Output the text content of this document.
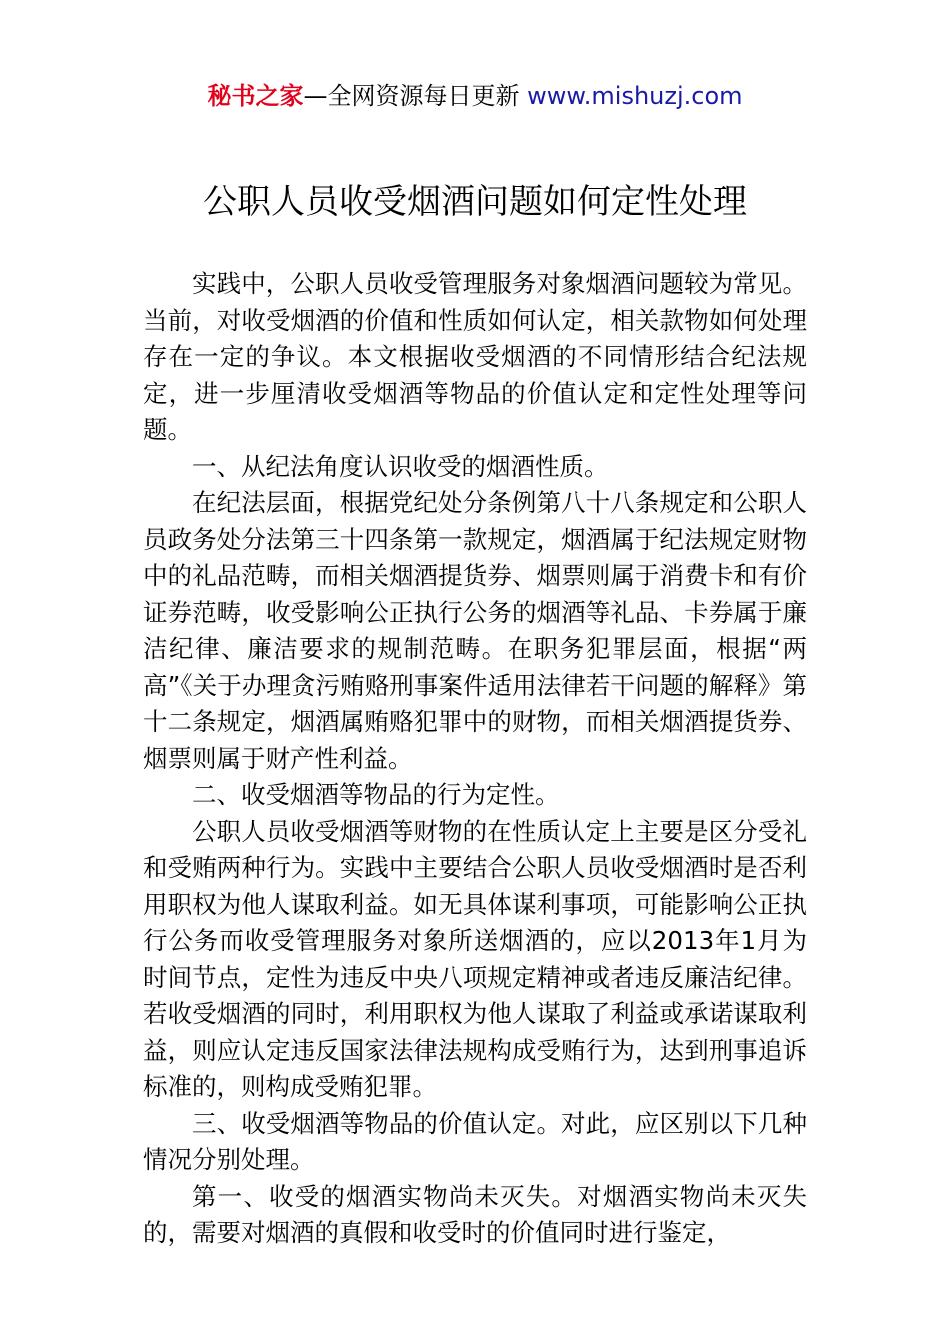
秘书之家—全网资源每日更新 www.mishuzj.com
公职人员收受烟酒问题如何定性处理

实践中，公职人员收受管理服务对象烟酒问题较为常见。当前，对收受烟酒的价值和性质如何认定，相关款物如何处理存在一定的争议。本文根据收受烟酒的不同情形结合纪法规定，进一步厘清收受烟酒等物品的价值认定和定性处理等问题。

一、从纪法角度认识收受的烟酒性质。

在纪法层面，根据党纪处分条例第八十八条规定和公职人员政务处分法第三十四条第一款规定，烟酒属于纪法规定财物中的礼品范畴，而相关烟酒提货券、烟票则属于消费卡和有价证券范畴，收受影响公正执行公务的烟酒等礼品、卡券属于廉洁纪律、廉洁要求的规制范畴。在职务犯罪层面，根据“两高”《关于办理贪污贿赂刑事案件适用法律若干问题的解释》第十二条规定，烟酒属贿赂犯罪中的财物，而相关烟酒提货券、烟票则属于财产性利益。

二、收受烟酒等物品的行为定性。

公职人员收受烟酒等财物的在性质认定上主要是区分受礼和受贿两种行为。实践中主要结合公职人员收受烟酒时是否利用职权为他人谋取利益。如无具体谋利事项，可能影响公正执行公务而收受管理服务对象所送烟酒的，应以2013年1月为时间节点，定性为违反中央八项规定精神或者违反廉洁纪律。若收受烟酒的同时，利用职权为他人谋取了利益或承诺谋取利益，则应认定违反国家法律法规构成受贿行为，达到刑事追诉标准的，则构成受贿犯罪。

三、收受烟酒等物品的价值认定。对此，应区别以下几种情况分别处理。

第一、收受的烟酒实物尚未灭失。对烟酒实物尚未灭失的，需要对烟酒的真假和收受时的价值同时进行鉴定，
